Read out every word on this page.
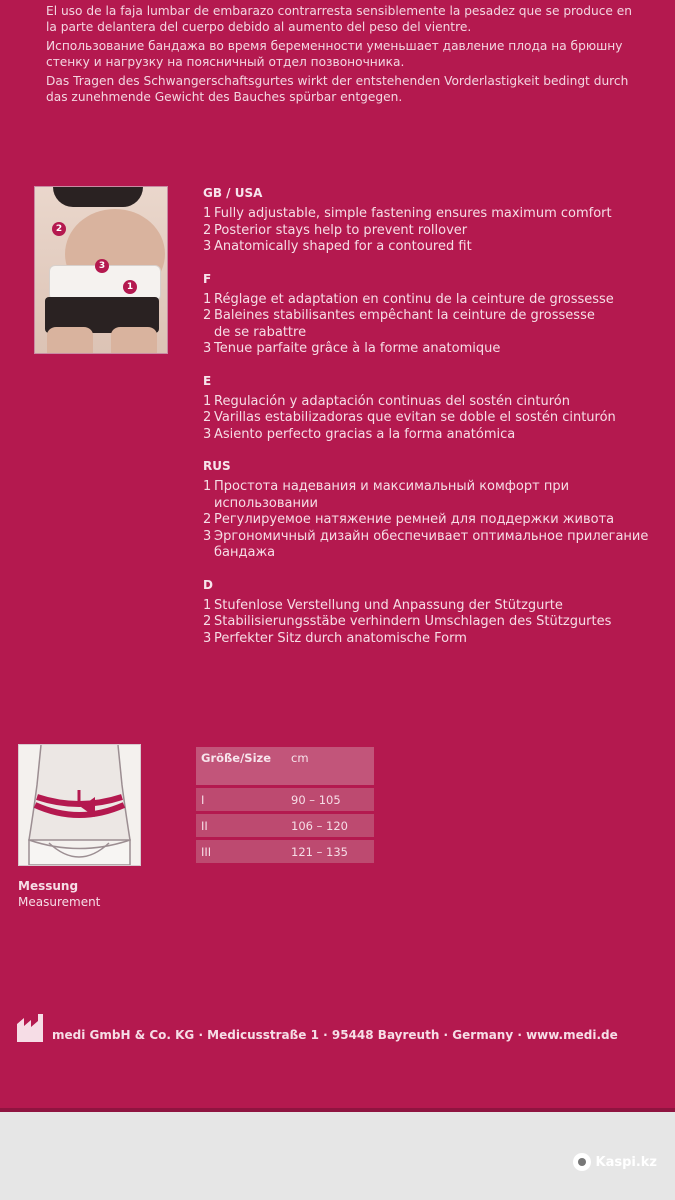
El uso de la faja lumbar de embarazo contrarresta sensiblemente la pesadez que se produce en

la parte delantera del cuerpo debido al aumento del peso del vientre.

Использование бандажа во время беременности уменьшает давление плода на брюшну

стенку и нагрузку на поясничный отдел позвоночника.

Das Tragen des Schwangerschaftsgurtes wirkt der entstehenden Vorderlastigkeit bedingt durch

das zunehmende Gewicht des Bauches spürbar entgegen.

2
3
1
GB / USA
1 Fully adjustable, simple fastening ensures maximum comfort
2 Posterior stays help to prevent rollover
3 Anatomically shaped for a contoured fit
F
1 Réglage et adaptation en continu de la ceinture de grossesse
2 Baleines stabilisantes empêchant la ceinture de grossesse
de se rabattre
3 Tenue parfaite grâce à la forme anatomique
E
1 Regulación y adaptación continuas del sostén cinturón
2 Varillas estabilizadoras que evitan se doble el sostén cinturón
3 Asiento perfecto gracias a la forma anatómica
RUS
1 Простота надевания и максимальный комфорт при использовании
2 Регулируемое натяжение ремней для поддержки живота
3 Эргономичный дизайн обеспечивает оптимальное прилегание
бандажа
D
1 Stufenlose Verstellung und Anpassung der Stützgurte
2 Stabilisierungsstäbe verhindern Umschlagen des Stützgurtes
3 Perfekter Sitz durch anatomische Form
Messung
Measurement
Größe/Size	cm
I	90 – 105
II	106 – 120
III	121 – 135
medi GmbH & Co. KG · Medicusstraße 1 · 95448 Bayreuth · Germany · www.medi.de
Kaspi.kz
